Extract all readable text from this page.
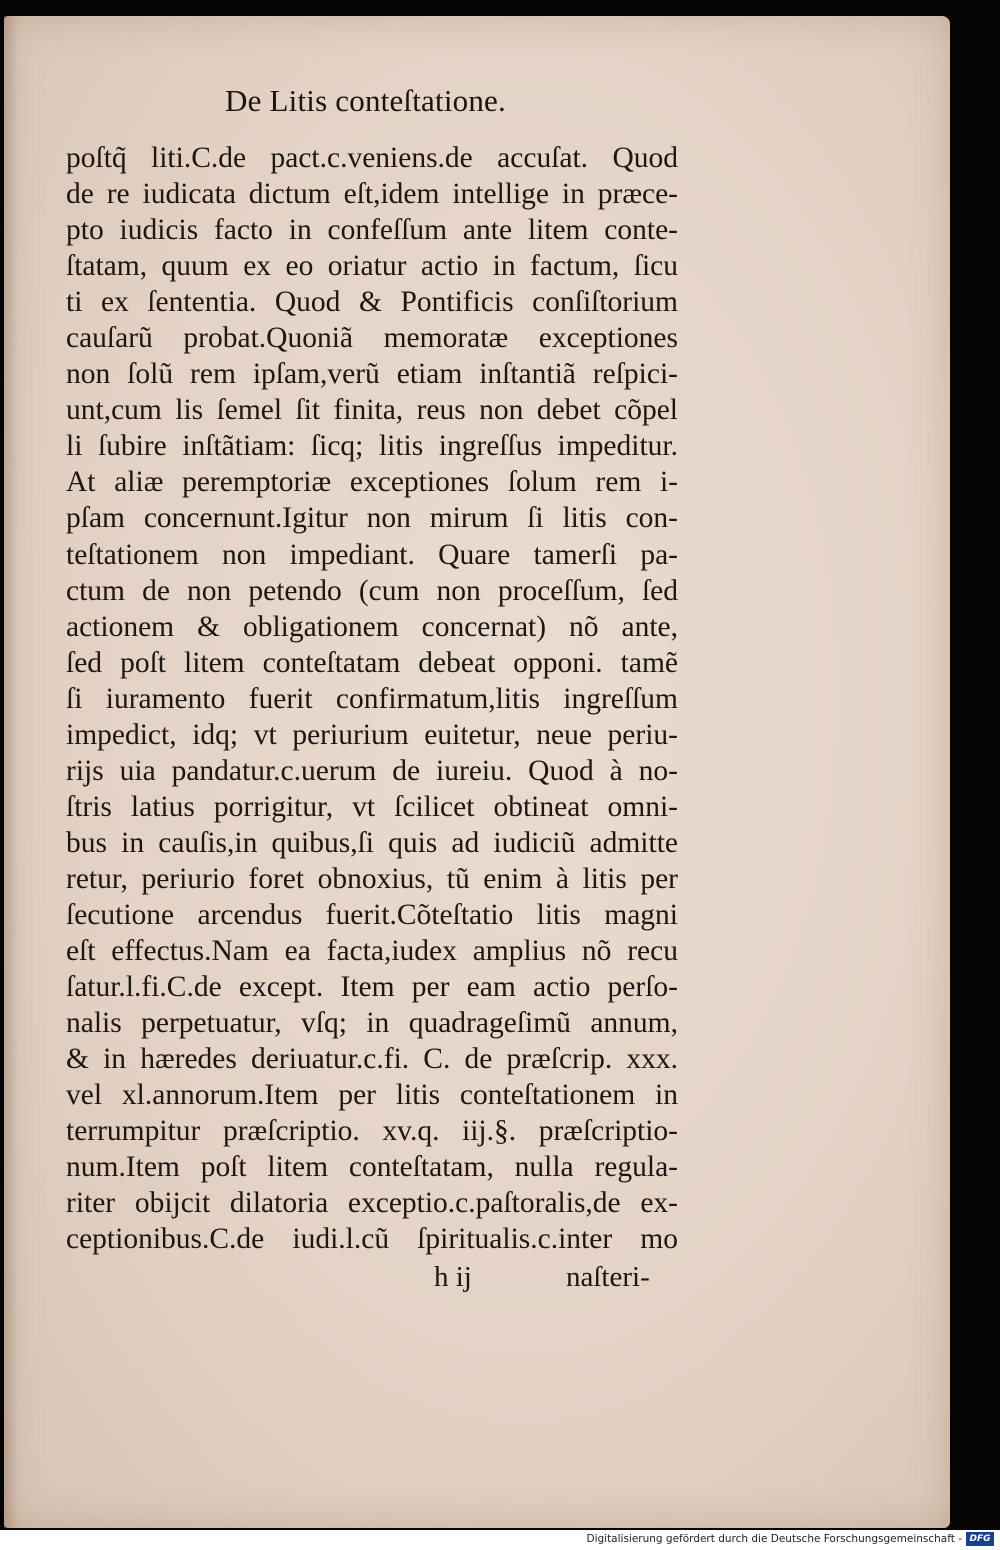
De Litis conteſtatione.
poſtq̃ liti.C.de pact.c.veniens.de accuſat. Quod
de re iudicata dictum eſt,idem intellige in præce-
pto iudicis facto in confeſſum ante litem conte-
ſtatam, quum ex eo oriatur actio in factum, ſicu
ti ex ſententia. Quod & Pontificis conſiſtorium
cauſarũ probat.Quoniã memoratæ exceptiones
non ſolũ rem ipſam,verũ etiam inſtantiã reſpici-
unt,cum lis ſemel ſit finita, reus non debet cõpel
li ſubire inſtãtiam: ſicq; litis ingreſſus impeditur.
At aliæ peremptoriæ exceptiones ſolum rem i-
pſam concernunt.Igitur non mirum ſi litis con-
teſtationem non impediant. Quare tamerſi pa-
ctum de non petendo (cum non proceſſum, ſed
actionem & obligationem concernat) nõ ante,
ſed poſt litem conteſtatam debeat opponi. tamẽ
ſi iuramento fuerit confirmatum,litis ingreſſum
impedict, idq; vt periurium euitetur, neue periu-
rijs uia pandatur.c.uerum de iureiu. Quod à no-
ſtris latius porrigitur, vt ſcilicet obtineat omni-
bus in cauſis,in quibus,ſi quis ad iudiciũ admitte
retur, periurio foret obnoxius, tũ enim à litis per
ſecutione arcendus fuerit.Cõteſtatio litis magni
eſt effectus.Nam ea facta,iudex amplius nõ recu
ſatur.l.fi.C.de except. Item per eam actio perſo-
nalis perpetuatur, vſq; in quadrageſimũ annum,
& in hæredes deriuatur.c.fi. C. de præſcrip. xxx.
vel xl.annorum.Item per litis conteſtationem in
terrumpitur præſcriptio. xv.q. iij.§. præſcriptio-
num.Item poſt litem conteſtatam, nulla regula-
riter obijcit dilatoria exceptio.c.paſtoralis,de ex-
ceptionibus.C.de iudi.l.cũ ſpiritualis.c.inter mo
h ij	naſteri-
Digitalisierung gefördert durch die Deutsche Forschungsgemeinschaft - DFG
